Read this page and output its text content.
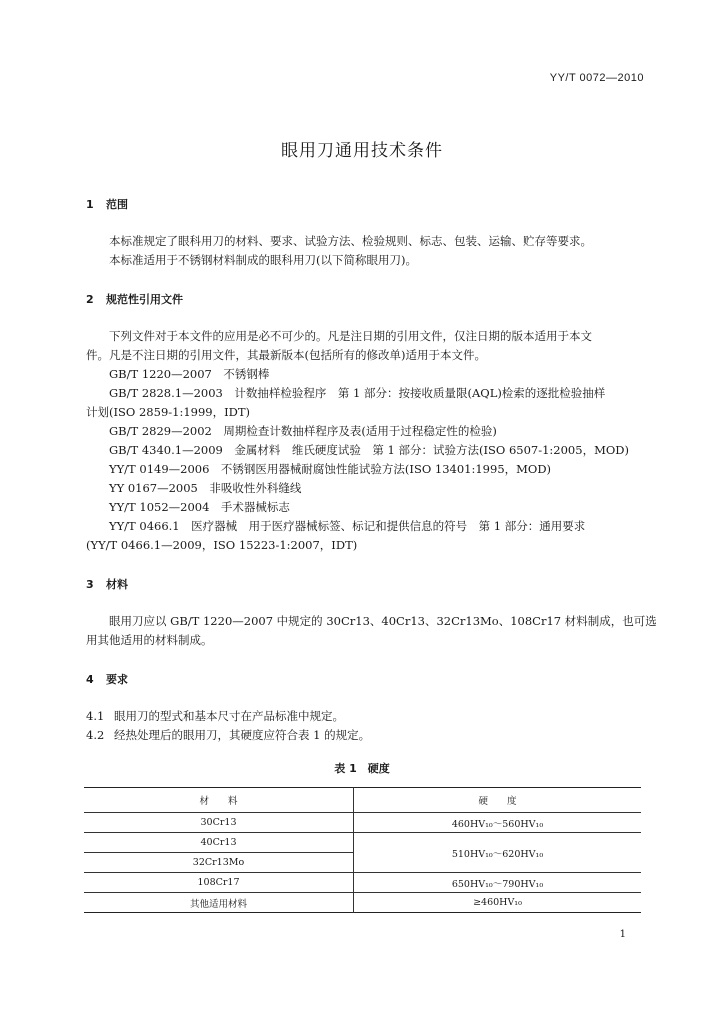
YY/T 0072—2010
眼用刀通用技术条件
1 范围
本标准规定了眼科用刀的材料、要求、试验方法、检验规则、标志、包装、运输、贮存等要求。
本标准适用于不锈钢材料制成的眼科用刀(以下简称眼用刀)。
2 规范性引用文件
下列文件对于本文件的应用是必不可少的。凡是注日期的引用文件，仅注日期的版本适用于本文
件。凡是不注日期的引用文件，其最新版本(包括所有的修改单)适用于本文件。
GB/T 1220—2007　不锈钢棒
GB/T 2828.1—2003　计数抽样检验程序　第 1 部分：按接收质量限(AQL)检索的逐批检验抽样
计划(ISO 2859-1:1999，IDT)
GB/T 2829—2002　周期检查计数抽样程序及表(适用于过程稳定性的检验)
GB/T 4340.1—2009　金属材料　维氏硬度试验　第 1 部分：试验方法(ISO 6507-1:2005，MOD)
YY/T 0149—2006　不锈钢医用器械耐腐蚀性能试验方法(ISO 13401:1995，MOD)
YY 0167—2005　非吸收性外科缝线
YY/T 1052—2004　手术器械标志
YY/T 0466.1　医疗器械　用于医疗器械标签、标记和提供信息的符号　第 1 部分：通用要求
(YY/T 0466.1—2009，ISO 15223-1:2007，IDT)
3 材料
眼用刀应以 GB/T 1220—2007 中规定的 30Cr13、40Cr13、32Cr13Mo、108Cr17 材料制成，也可选
用其他适用的材料制成。
4 要求
4.1 眼用刀的型式和基本尺寸在产品标准中规定。
4.2 经热处理后的眼用刀，其硬度应符合表 1 的规定。
表 1　硬度
材　　料	硬　　度
30Cr13	460HV₁₀～560HV₁₀
40Cr13	510HV₁₀～620HV₁₀
32Cr13Mo	
108Cr17	650HV₁₀～790HV₁₀
其他适用材料	≥460HV₁₀
1
